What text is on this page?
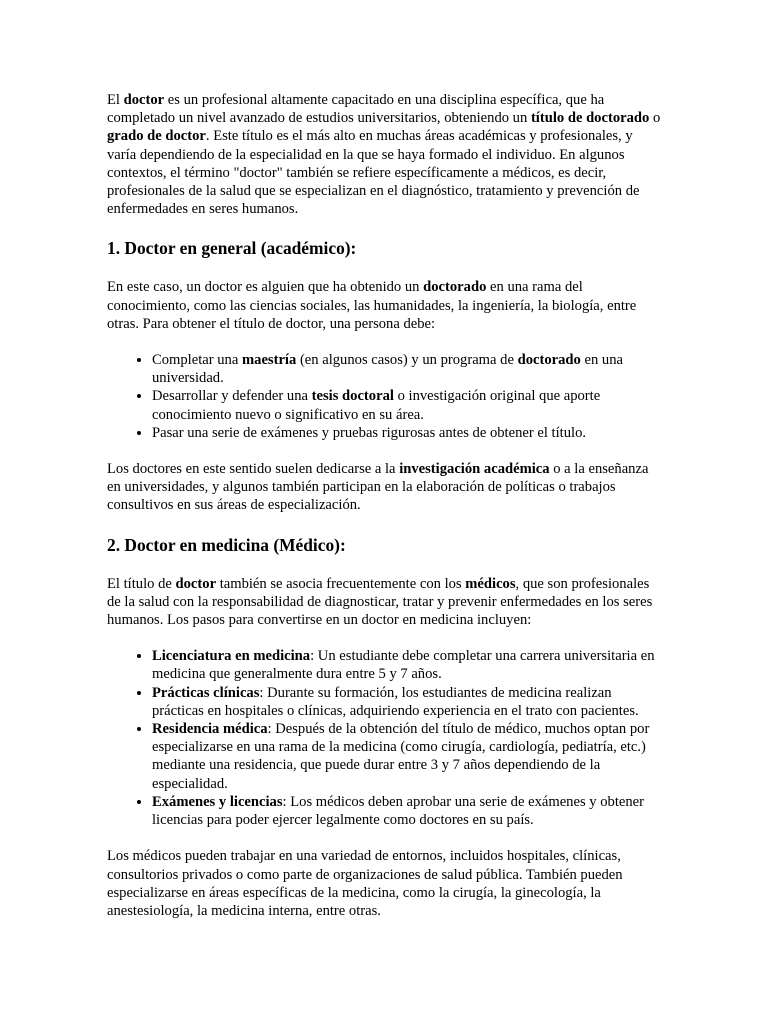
El doctor es un profesional altamente capacitado en una disciplina específica, que ha completado un nivel avanzado de estudios universitarios, obteniendo un título de doctorado o grado de doctor. Este título es el más alto en muchas áreas académicas y profesionales, y varía dependiendo de la especialidad en la que se haya formado el individuo. En algunos contextos, el término "doctor" también se refiere específicamente a médicos, es decir, profesionales de la salud que se especializan en el diagnóstico, tratamiento y prevención de enfermedades en seres humanos.

1. Doctor en general (académico):

En este caso, un doctor es alguien que ha obtenido un doctorado en una rama del conocimiento, como las ciencias sociales, las humanidades, la ingeniería, la biología, entre otras. Para obtener el título de doctor, una persona debe:

• Completar una maestría (en algunos casos) y un programa de doctorado en una universidad.
• Desarrollar y defender una tesis doctoral o investigación original que aporte conocimiento nuevo o significativo en su área.
• Pasar una serie de exámenes y pruebas rigurosas antes de obtener el título.

Los doctores en este sentido suelen dedicarse a la investigación académica o a la enseñanza en universidades, y algunos también participan en la elaboración de políticas o trabajos consultivos en sus áreas de especialización.

2. Doctor en medicina (Médico):

El título de doctor también se asocia frecuentemente con los médicos, que son profesionales de la salud con la responsabilidad de diagnosticar, tratar y prevenir enfermedades en los seres humanos. Los pasos para convertirse en un doctor en medicina incluyen:

• Licenciatura en medicina: Un estudiante debe completar una carrera universitaria en medicina que generalmente dura entre 5 y 7 años.
• Prácticas clínicas: Durante su formación, los estudiantes de medicina realizan prácticas en hospitales o clínicas, adquiriendo experiencia en el trato con pacientes.
• Residencia médica: Después de la obtención del título de médico, muchos optan por especializarse en una rama de la medicina (como cirugía, cardiología, pediatría, etc.) mediante una residencia, que puede durar entre 3 y 7 años dependiendo de la especialidad.
• Exámenes y licencias: Los médicos deben aprobar una serie de exámenes y obtener licencias para poder ejercer legalmente como doctores en su país.

Los médicos pueden trabajar en una variedad de entornos, incluidos hospitales, clínicas, consultorios privados o como parte de organizaciones de salud pública. También pueden especializarse en áreas específicas de la medicina, como la cirugía, la ginecología, la anestesiología, la medicina interna, entre otras.
